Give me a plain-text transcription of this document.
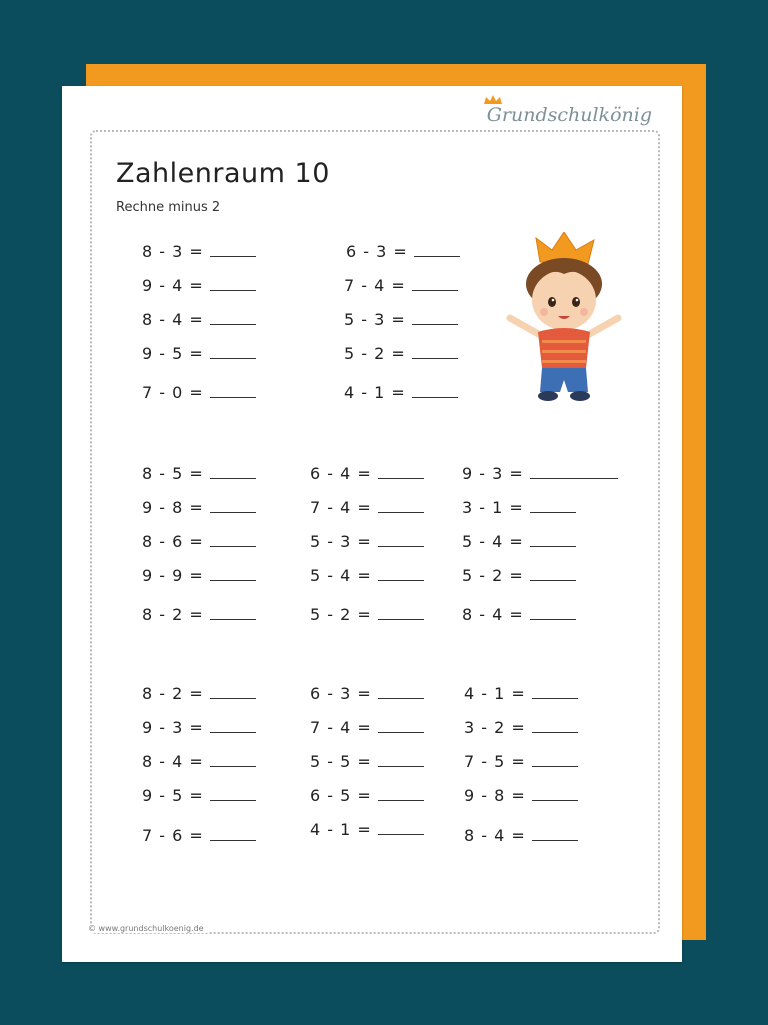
Grundschulkönig
Zahlenraum 10
Rechne minus 2
8 - 3 =	6 - 3 =
9 - 4 =	7 - 4 =
8 - 4 =	5 - 3 =
9 - 5 =	5 - 2 =
7 - 0 =	4 - 1 =
8 - 5 =	6 - 4 =	9 - 3 =
9 - 8 =	7 - 4 =	3 - 1 =
8 - 6 =	5 - 3 =	5 - 4 =
9 - 9 =	5 - 4 =	5 - 2 =
8 - 2 =	5 - 2 =	8 - 4 =
8 - 2 =	6 - 3 =	4 - 1 =
9 - 3 =	7 - 4 =	3 - 2 =
8 - 4 =	5 - 5 =	7 - 5 =
9 - 5 =	6 - 5 =	9 - 8 =
7 - 6 =	4 - 1 =	8 - 4 =
© www.grundschulkoenig.de
